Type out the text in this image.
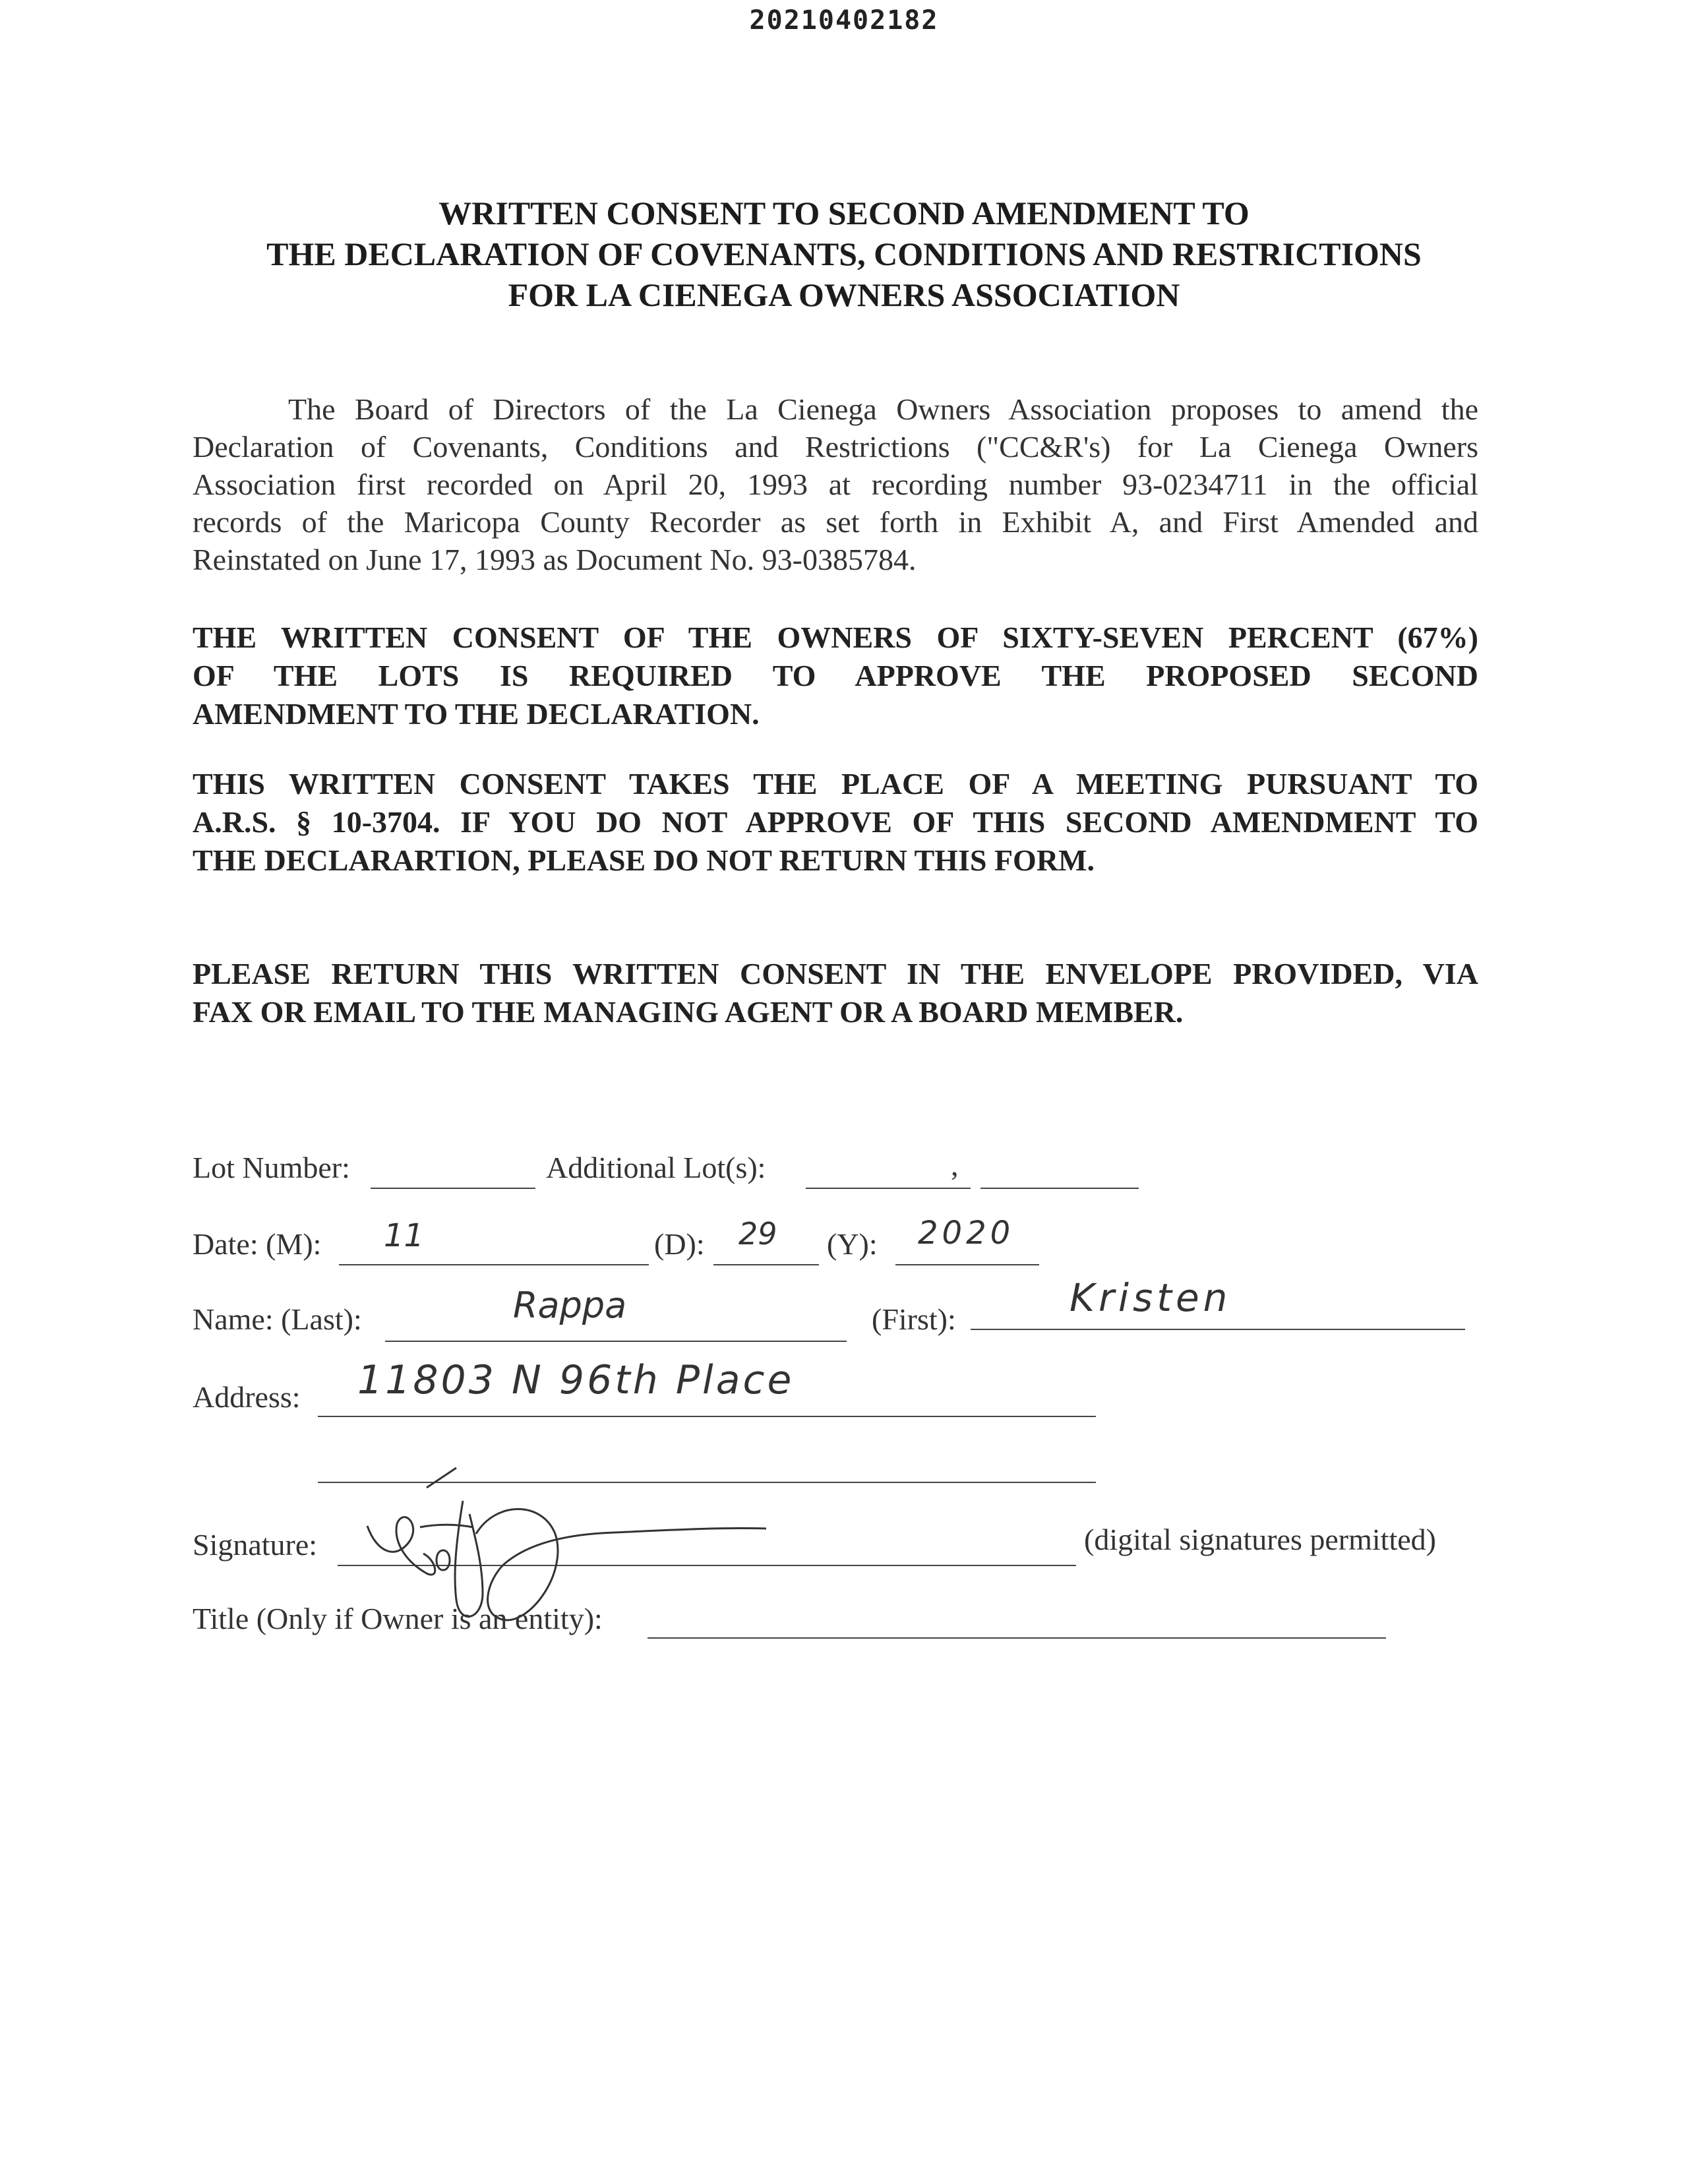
20210402182
WRITTEN CONSENT TO SECOND AMENDMENT TO
THE DECLARATION OF COVENANTS, CONDITIONS AND RESTRICTIONS
FOR LA CIENEGA OWNERS ASSOCIATION
The Board of Directors of the La Cienega Owners Association proposes to amend the
Declaration of Covenants, Conditions and Restrictions ("CC&R's) for La Cienega Owners
Association first recorded on April 20, 1993 at recording number 93-0234711 in the official
records of the Maricopa County Recorder as set forth in Exhibit A, and First Amended and
Reinstated on June 17, 1993 as Document No. 93-0385784.
THE WRITTEN CONSENT OF THE OWNERS OF SIXTY-SEVEN PERCENT (67%)
OF THE LOTS IS REQUIRED TO APPROVE THE PROPOSED SECOND
AMENDMENT TO THE DECLARATION.
THIS WRITTEN CONSENT TAKES THE PLACE OF A MEETING PURSUANT TO
A.R.S. § 10-3704. IF YOU DO NOT APPROVE OF THIS SECOND AMENDMENT TO
THE DECLARARTION, PLEASE DO NOT RETURN THIS FORM.
PLEASE RETURN THIS WRITTEN CONSENT IN THE ENVELOPE PROVIDED, VIA
FAX OR EMAIL TO THE MANAGING AGENT OR A BOARD MEMBER.
Lot Number:	Additional Lot(s):	,
Date: (M): 11	(D): 29 (Y): 2020
Name: (Last):	Rappa	(First):	Kristen
Address: 11803 N 96th Place
Signature:	(digital signatures permitted)
Title (Only if Owner is an entity):
